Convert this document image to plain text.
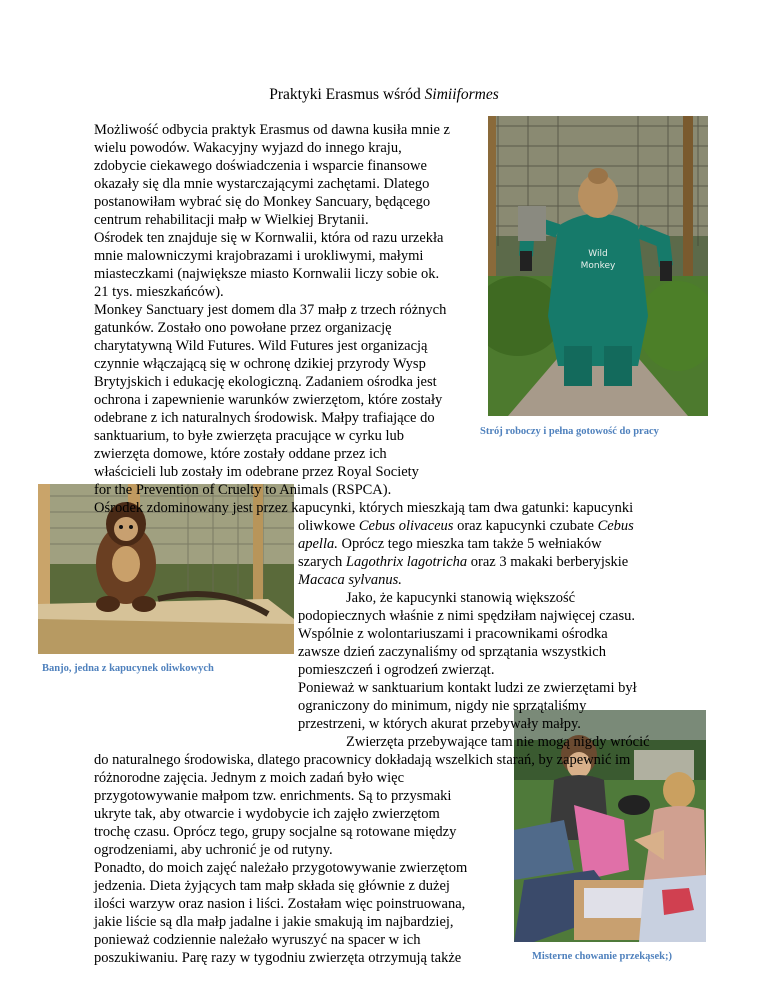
Praktyki Erasmus wśród Simiiformes
Wild
Monkey
Strój roboczy i pełna gotowość do pracy
Banjo, jedna z kapucynek oliwkowych
Misterne chowanie przekąsek;)
Możliwość odbycia praktyk Erasmus od dawna kusiła mnie z
wielu powodów. Wakacyjny wyjazd do innego kraju,
zdobycie ciekawego doświadczenia i wsparcie finansowe
okazały się dla mnie wystarczającymi zachętami. Dlatego
postanowiłam wybrać się do Monkey Sancuary, będącego
centrum rehabilitacji małp w Wielkiej Brytanii.
Ośrodek ten znajduje się w Kornwalii, która od razu urzekła
mnie malowniczymi krajobrazami i urokliwymi, małymi
miasteczkami (największe miasto Kornwalii liczy sobie ok.
21 tys. mieszkańców).
Monkey Sanctuary jest domem dla 37 małp z trzech różnych
gatunków. Zostało ono powołane przez organizację
charytatywną Wild Futures. Wild Futures jest organizacją
czynnie włączającą się w ochronę dzikiej przyrody Wysp
Brytyjskich i edukację ekologiczną. Zadaniem ośrodka jest
ochrona i zapewnienie warunków zwierzętom, które zostały
odebrane z ich naturalnych środowisk. Małpy trafiające do
sanktuarium, to byłe zwierzęta pracujące w cyrku lub
zwierzęta domowe, które zostały oddane przez ich
właścicieli lub zostały im odebrane przez Royal Society
for the Prevention of Cruelty to Animals (RSPCA).
Ośrodek zdominowany jest przez kapucynki, których mieszkają tam dwa gatunki: kapucynki
oliwkowe Cebus olivaceus oraz kapucynki czubate Cebus
apella. Oprócz tego mieszka tam także 5 wełniaków
szarych Lagothrix lagotricha oraz 3 makaki berberyjskie
Macaca sylvanus.
Jako, że kapucynki stanowią większość
podopiecznych właśnie z nimi spędziłam najwięcej czasu.
Wspólnie z wolontariuszami i pracownikami ośrodka
zawsze dzień zaczynaliśmy od sprzątania wszystkich
pomieszczeń i ogrodzeń zwierząt.
Ponieważ w sanktuarium kontakt ludzi ze zwierzętami był
ograniczony do minimum, nigdy nie sprzątaliśmy
przestrzeni, w których akurat przebywały małpy.
Zwierzęta przebywające tam nie mogą nigdy wrócić
do naturalnego środowiska, dlatego pracownicy dokładają wszelkich starań, by zapewnić im
różnorodne zajęcia. Jednym z moich zadań było więc
przygotowywanie małpom tzw. enrichments. Są to przysmaki
ukryte tak, aby otwarcie i wydobycie ich zajęło zwierzętom
trochę czasu. Oprócz tego, grupy socjalne są rotowane między
ogrodzeniami, aby uchronić je od rutyny.
Ponadto, do moich zajęć należało przygotowywanie zwierzętom
jedzenia. Dieta żyjących tam małp składa się głównie z dużej
ilości warzyw oraz nasion i liści. Zostałam więc poinstruowana,
jakie liście są dla małp jadalne i jakie smakują im najbardziej,
ponieważ codziennie należało wyruszyć na spacer w ich
poszukiwaniu. Parę razy w tygodniu zwierzęta otrzymują także
